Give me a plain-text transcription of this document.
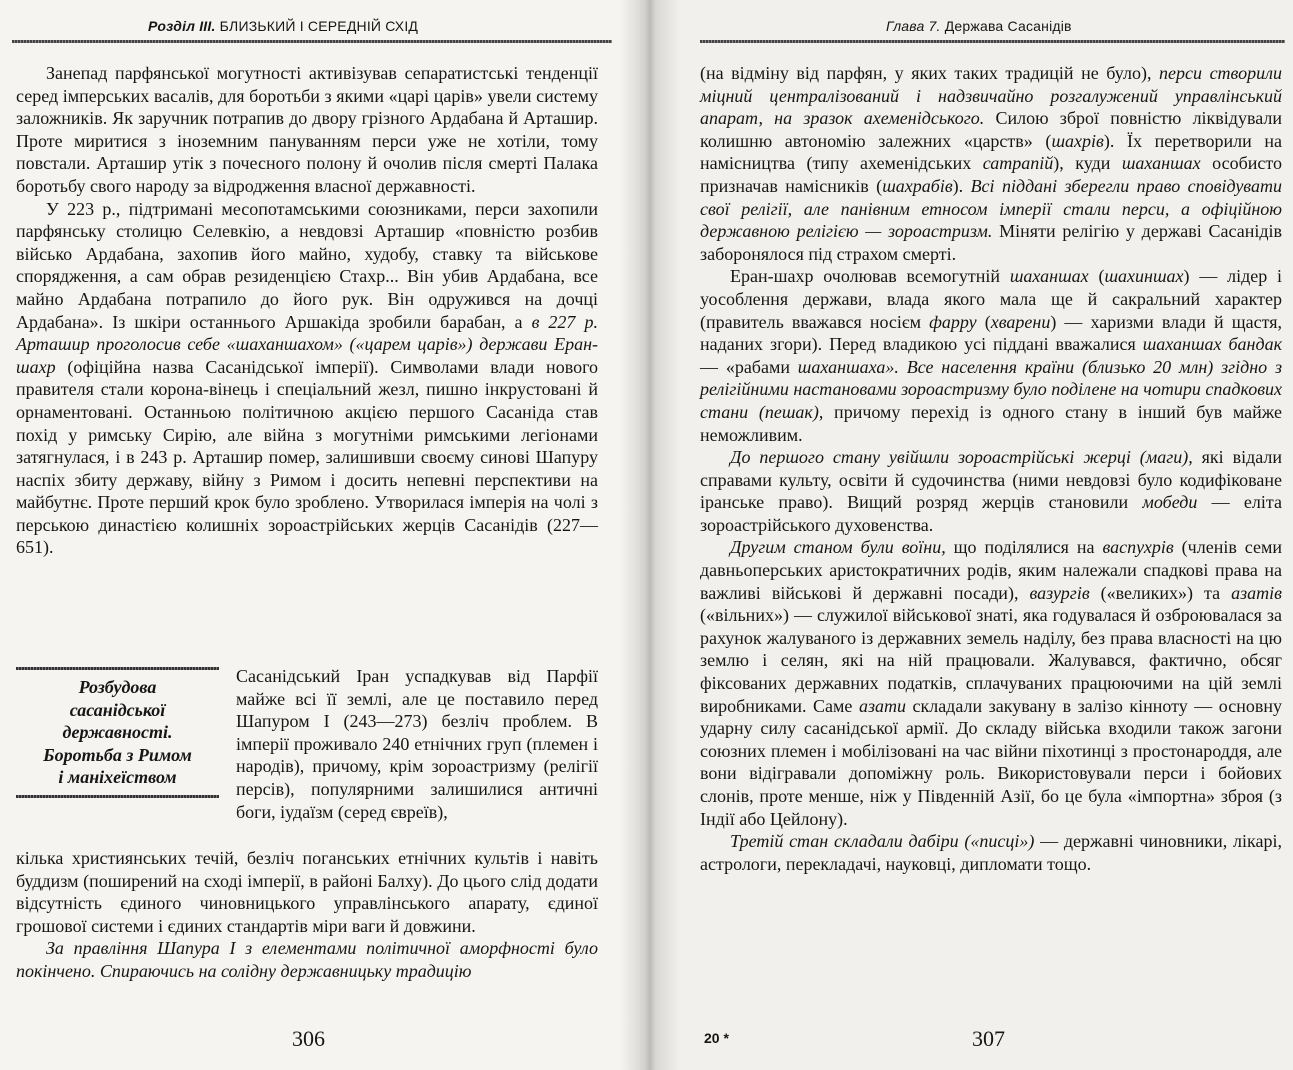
Розділ III. БЛИЗЬКИЙ І СЕРЕДНІЙ СХІД

Занепад парфянської могутності активізував сепаратистські тенденції серед імперських васалів, для боротьби з якими «царі царів» увели систему заложників. Як заручник потрапив до двору грізного Ардабана й Арташир. Проте миритися з іноземним пануванням перси уже не хотіли, тому повстали. Арташир утік з почесного полону й очолив після смерті Палака боротьбу свого народу за відродження власної державності.

У 223 р., підтримані месопотамськими союзниками, перси захопили парфянську столицю Селевкію, а невдовзі Арташир «повністю розбив військо Ардабана, захопив його майно, худобу, ставку та військове спорядження, а сам обрав резиденцією Стахр... Він убив Ардабана, все майно Ардабана потрапило до його рук. Він одружився на дочці Ардабана». Із шкіри останнього Аршакіда зробили барабан, а в 227 р. Арташир проголосив себе «шаханшахом» («царем царів») держави Еран-шахр (офіційна назва Сасанідської імперії). Символами влади нового правителя стали корона-вінець і спеціальний жезл, пишно інкрустовані й орнаментовані. Останньою політичною акцією першого Сасаніда став похід у римську Сирію, але війна з могутніми римськими легіонами затягнулася, і в 243 р. Арташир помер, залишивши своєму синові Шапуру наспіх збиту державу, війну з Римом і досить непевні перспективи на майбутнє. Проте перший крок було зроблено. Утворилася імперія на чолі з перською династією колишніх зороастрійських жерців Сасанідів (227—651).

Розбудова
сасанідської
державності.
Боротьба з Римом
і маніхеїством
Сасанідський Іран успадкував від Парфії майже всі її землі, але це поставило перед Шапуром І (243—273) безліч проблем. В імперії проживало 240 етнічних груп (племен і народів), причому, крім зороастризму (релігії персів), популярними залишилися античні боги, іудаїзм (серед євреїв),

кілька християнських течій, безліч поганських етнічних культів і навіть буддизм (поширений на сході імперії, в районі Балху). До цього слід додати відсутність єдиного чиновницького управлінського апарату, єдиної грошової системи і єдиних стандартів міри ваги й довжини.

За правління Шапура І з елементами політичної аморфності було покінчено. Спираючись на солідну державницьку традицію

306
Глава 7. Держава Сасанідів

(на відміну від парфян, у яких таких традицій не було), перси створили міцний централізований і надзвичайно розгалужений управлінський апарат, на зразок ахеменідського. Силою зброї повністю ліквідували колишню автономію залежних «царств» (шахрів). Їх перетворили на намісництва (типу ахеменідських сатрапій), куди шаханшах особисто призначав намісників (шахрабів). Всі піддані зберегли право сповідувати свої релігії, але панівним етносом імперії стали перси, а офіційною державною релігією — зороастризм. Міняти релігію у державі Сасанідів заборонялося під страхом смерті.

Еран-шахр очолював всемогутній шаханшах (шахиншах) — лідер і уособлення держави, влада якого мала ще й сакральний характер (правитель вважався носієм фарру (хварени) — харизми влади й щастя, наданих згори). Перед владикою усі піддані вважалися шаханшах бандак — «рабами шаханшаха». Все населення країни (близько 20 млн) згідно з релігійними настановами зороастризму було поділене на чотири спадкових стани (пешак), причому перехід із одного стану в інший був майже неможливим.

До першого стану увійшли зороастрійські жерці (маги), які відали справами культу, освіти й судочинства (ними невдовзі було кодифіковане іранське право). Вищий розряд жерців становили мобеди — еліта зороастрійського духовенства.

Другим станом були воїни, що поділялися на васпухрів (членів семи давньоперських аристократичних родів, яким належали спадкові права на важливі військові й державні посади), вазургів («великих») та азатів («вільних») — служилої військової знаті, яка годувалася й озброювалася за рахунок жалуваного із державних земель наділу, без права власності на цю землю і селян, які на ній працювали. Жалувався, фактично, обсяг фіксованих державних податків, сплачуваних працюючими на цій землі виробниками. Саме азати складали закувану в залізо кінноту — основну ударну силу сасанідської армії. До складу війська входили також загони союзних племен і мобілізовані на час війни піхотинці з простонароддя, але вони відігравали допоміжну роль. Використовували перси і бойових слонів, проте менше, ніж у Південній Азії, бо це була «імпортна» зброя (з Індії або Цейлону).

Третій стан складали дабіри («писці») — державні чиновники, лікарі, астрологи, перекладачі, науковці, дипломати тощо.

20 *	307
